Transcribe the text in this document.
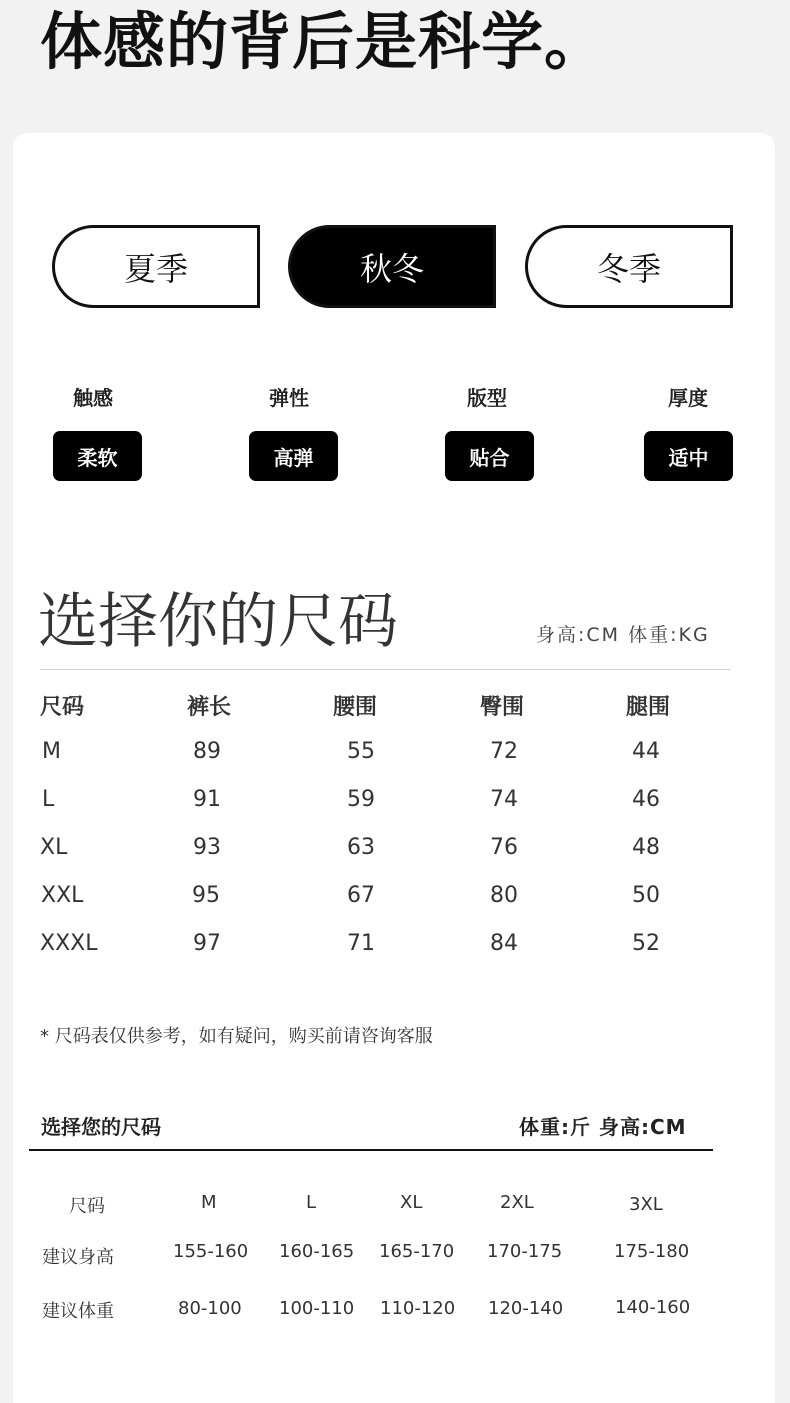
体感的背后是科学。
夏季	秋冬	冬季
触感
柔软
弹性
高弹
版型
贴合
厚度
适中
选择你的尺码	身高:CM 体重:KG
尺码	裤长	腰围	臀围	腿围
M	89	55	72	44
L	91	59	74	46
XL	93	63	76	48
XXL	95	67	80	50
XXXL	97	71	84	52
* 尺码表仅供参考，如有疑问，购买前请咨询客服
选择您的尺码	体重:斤 身高:CM
尺码	M	L	XL	2XL	3XL
建议身高	155-160 160-165 165-170 170-175	175-180
建议体重	80-100 100-110 110-120 120-140	140-160
